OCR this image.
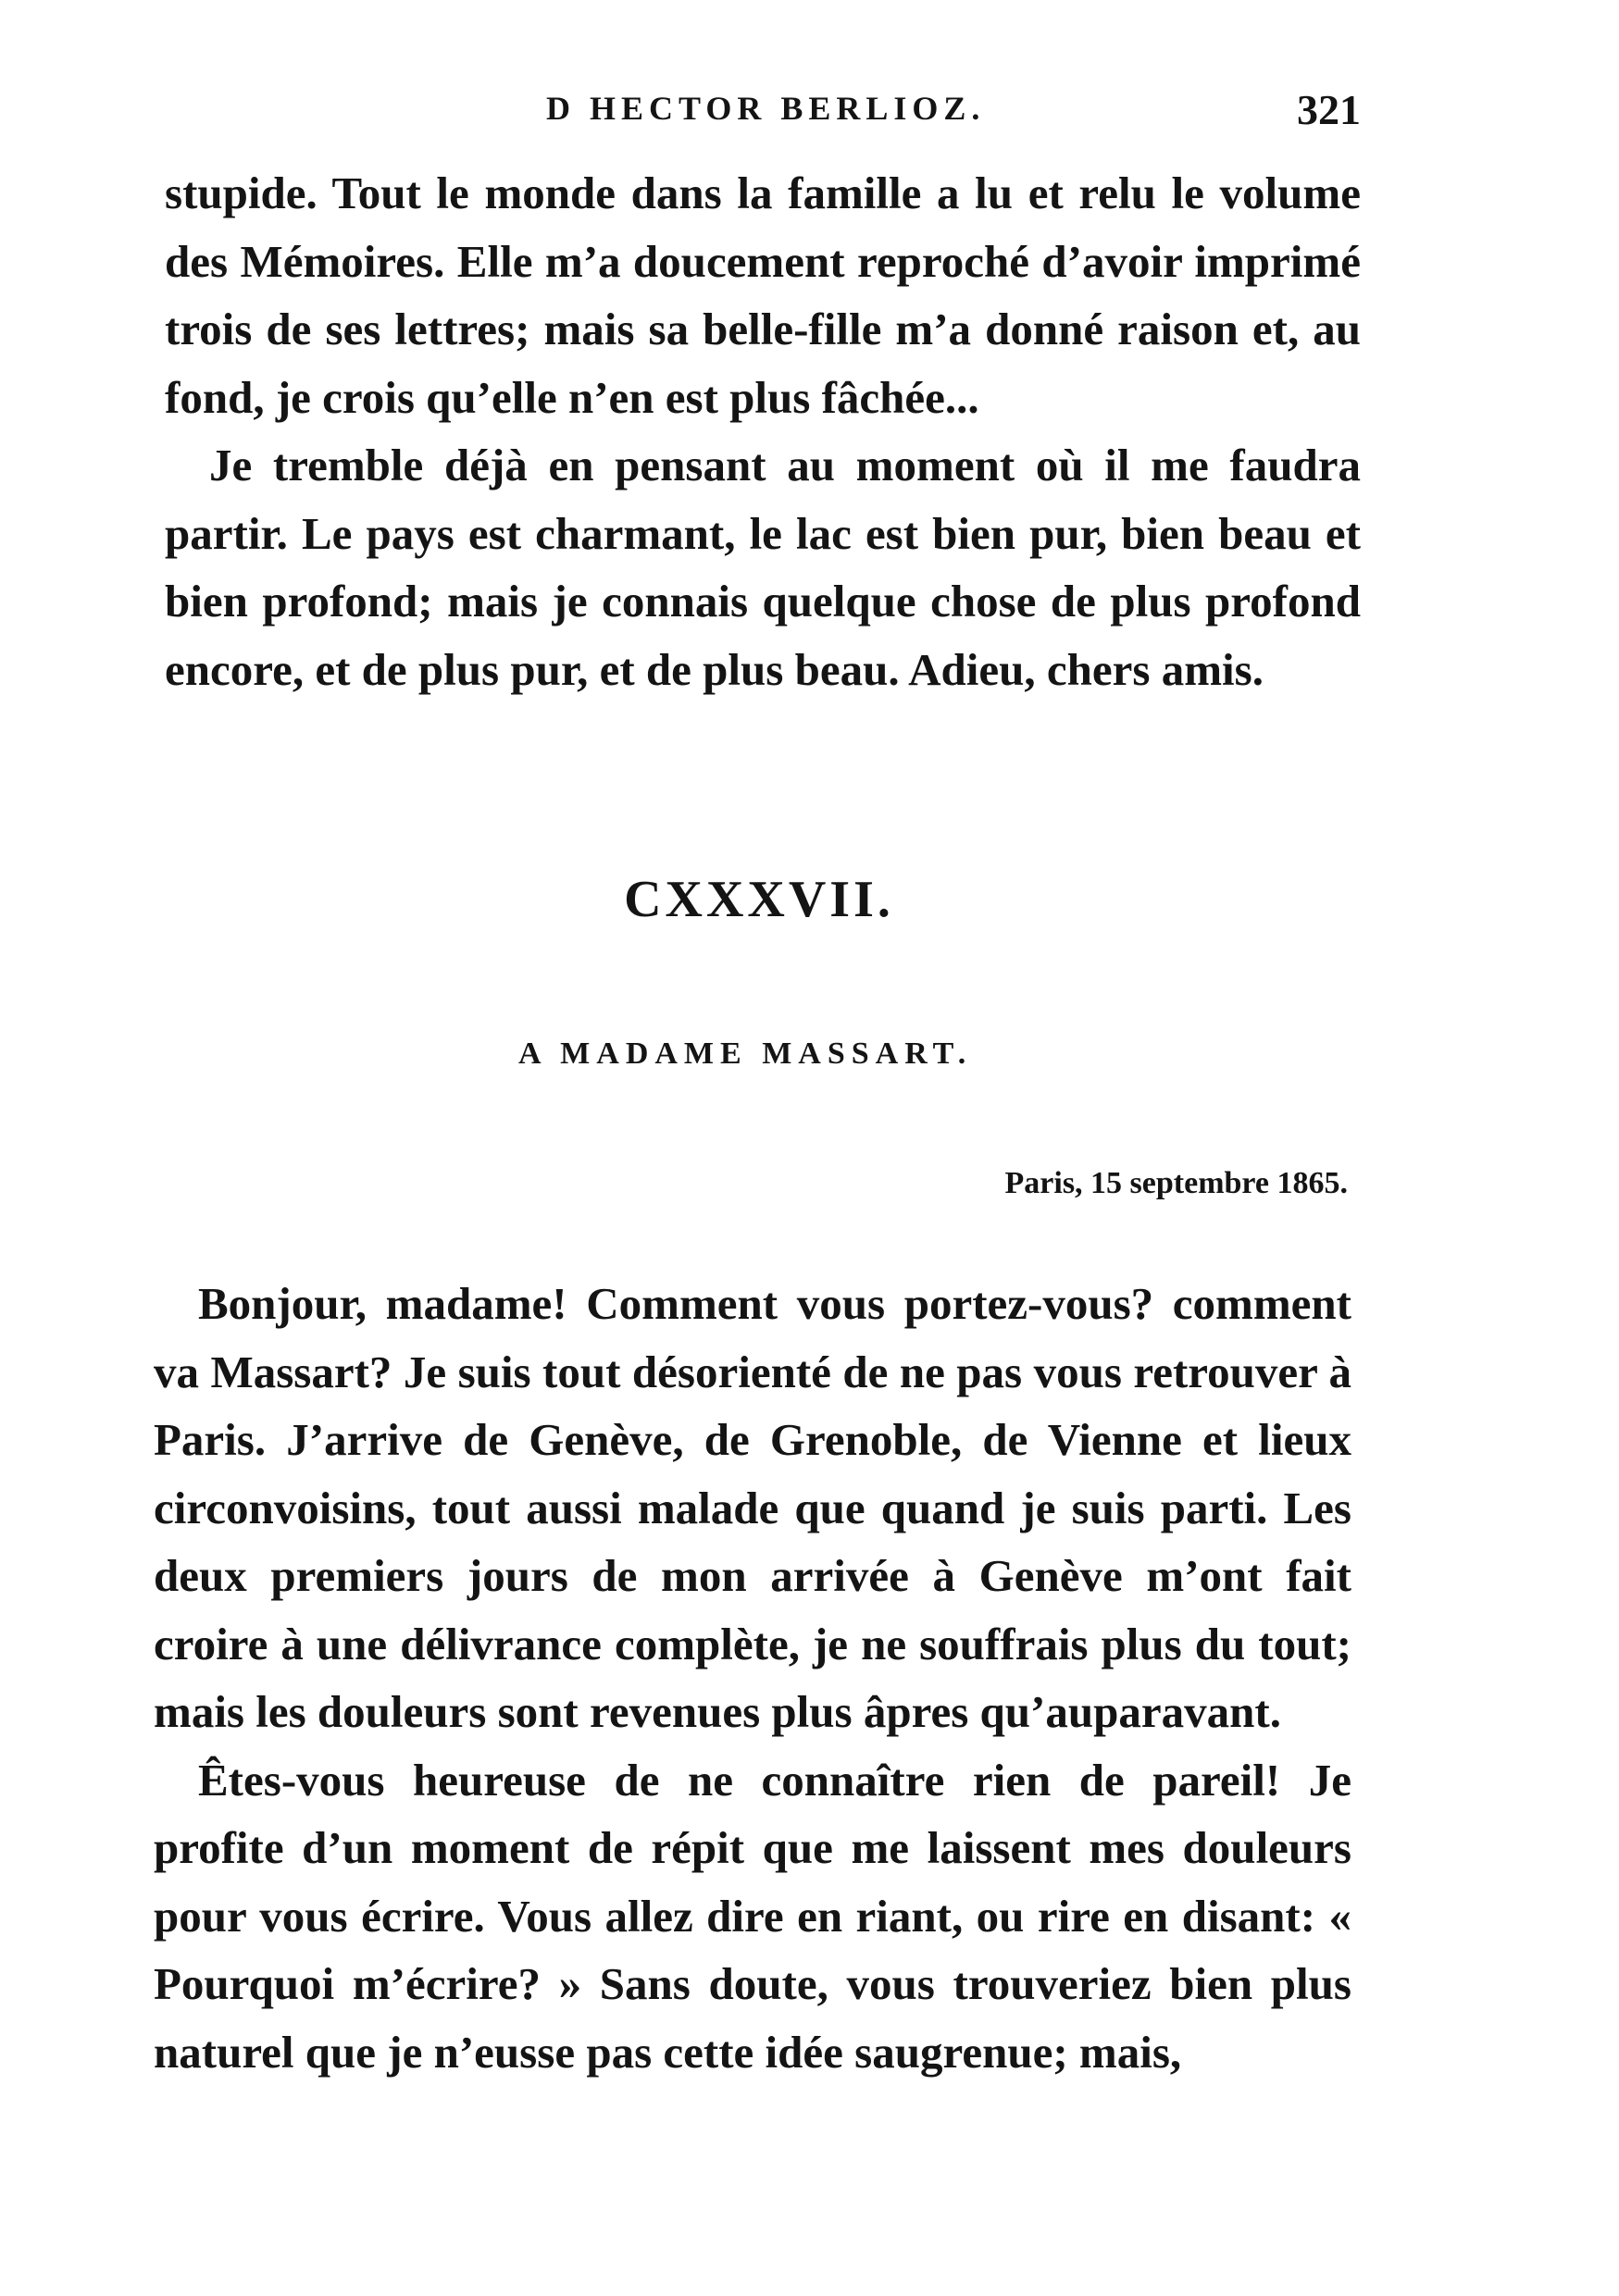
D HECTOR BERLIOZ.	321

stupide. Tout le monde dans la famille a lu et relu le volume des Mémoires. Elle m’a doucement reproché d’avoir imprimé trois de ses lettres; mais sa belle-fille m’a donné raison et, au fond, je crois qu’elle n’en est plus fâchée...

Je tremble déjà en pensant au moment où il me faudra partir. Le pays est charmant, le lac est bien pur, bien beau et bien profond; mais je connais quelque chose de plus profond encore, et de plus pur, et de plus beau. Adieu, chers amis.

CXXXVII.
A MADAME MASSART.
Paris, 15 septembre 1865.

Bonjour, madame! Comment vous portez-vous? comment va Massart? Je suis tout désorienté de ne pas vous retrouver à Paris. J’arrive de Genève, de Grenoble, de Vienne et lieux circonvoisins, tout aussi malade que quand je suis parti. Les deux premiers jours de mon arrivée à Genève m’ont fait croire à une délivrance complète, je ne souffrais plus du tout; mais les douleurs sont revenues plus âpres qu’auparavant.

Êtes-vous heureuse de ne connaître rien de pareil! Je profite d’un moment de répit que me laissent mes douleurs pour vous écrire. Vous allez dire en riant, ou rire en disant: « Pourquoi m’écrire? » Sans doute, vous trouveriez bien plus naturel que je n’eusse pas cette idée saugrenue; mais,
